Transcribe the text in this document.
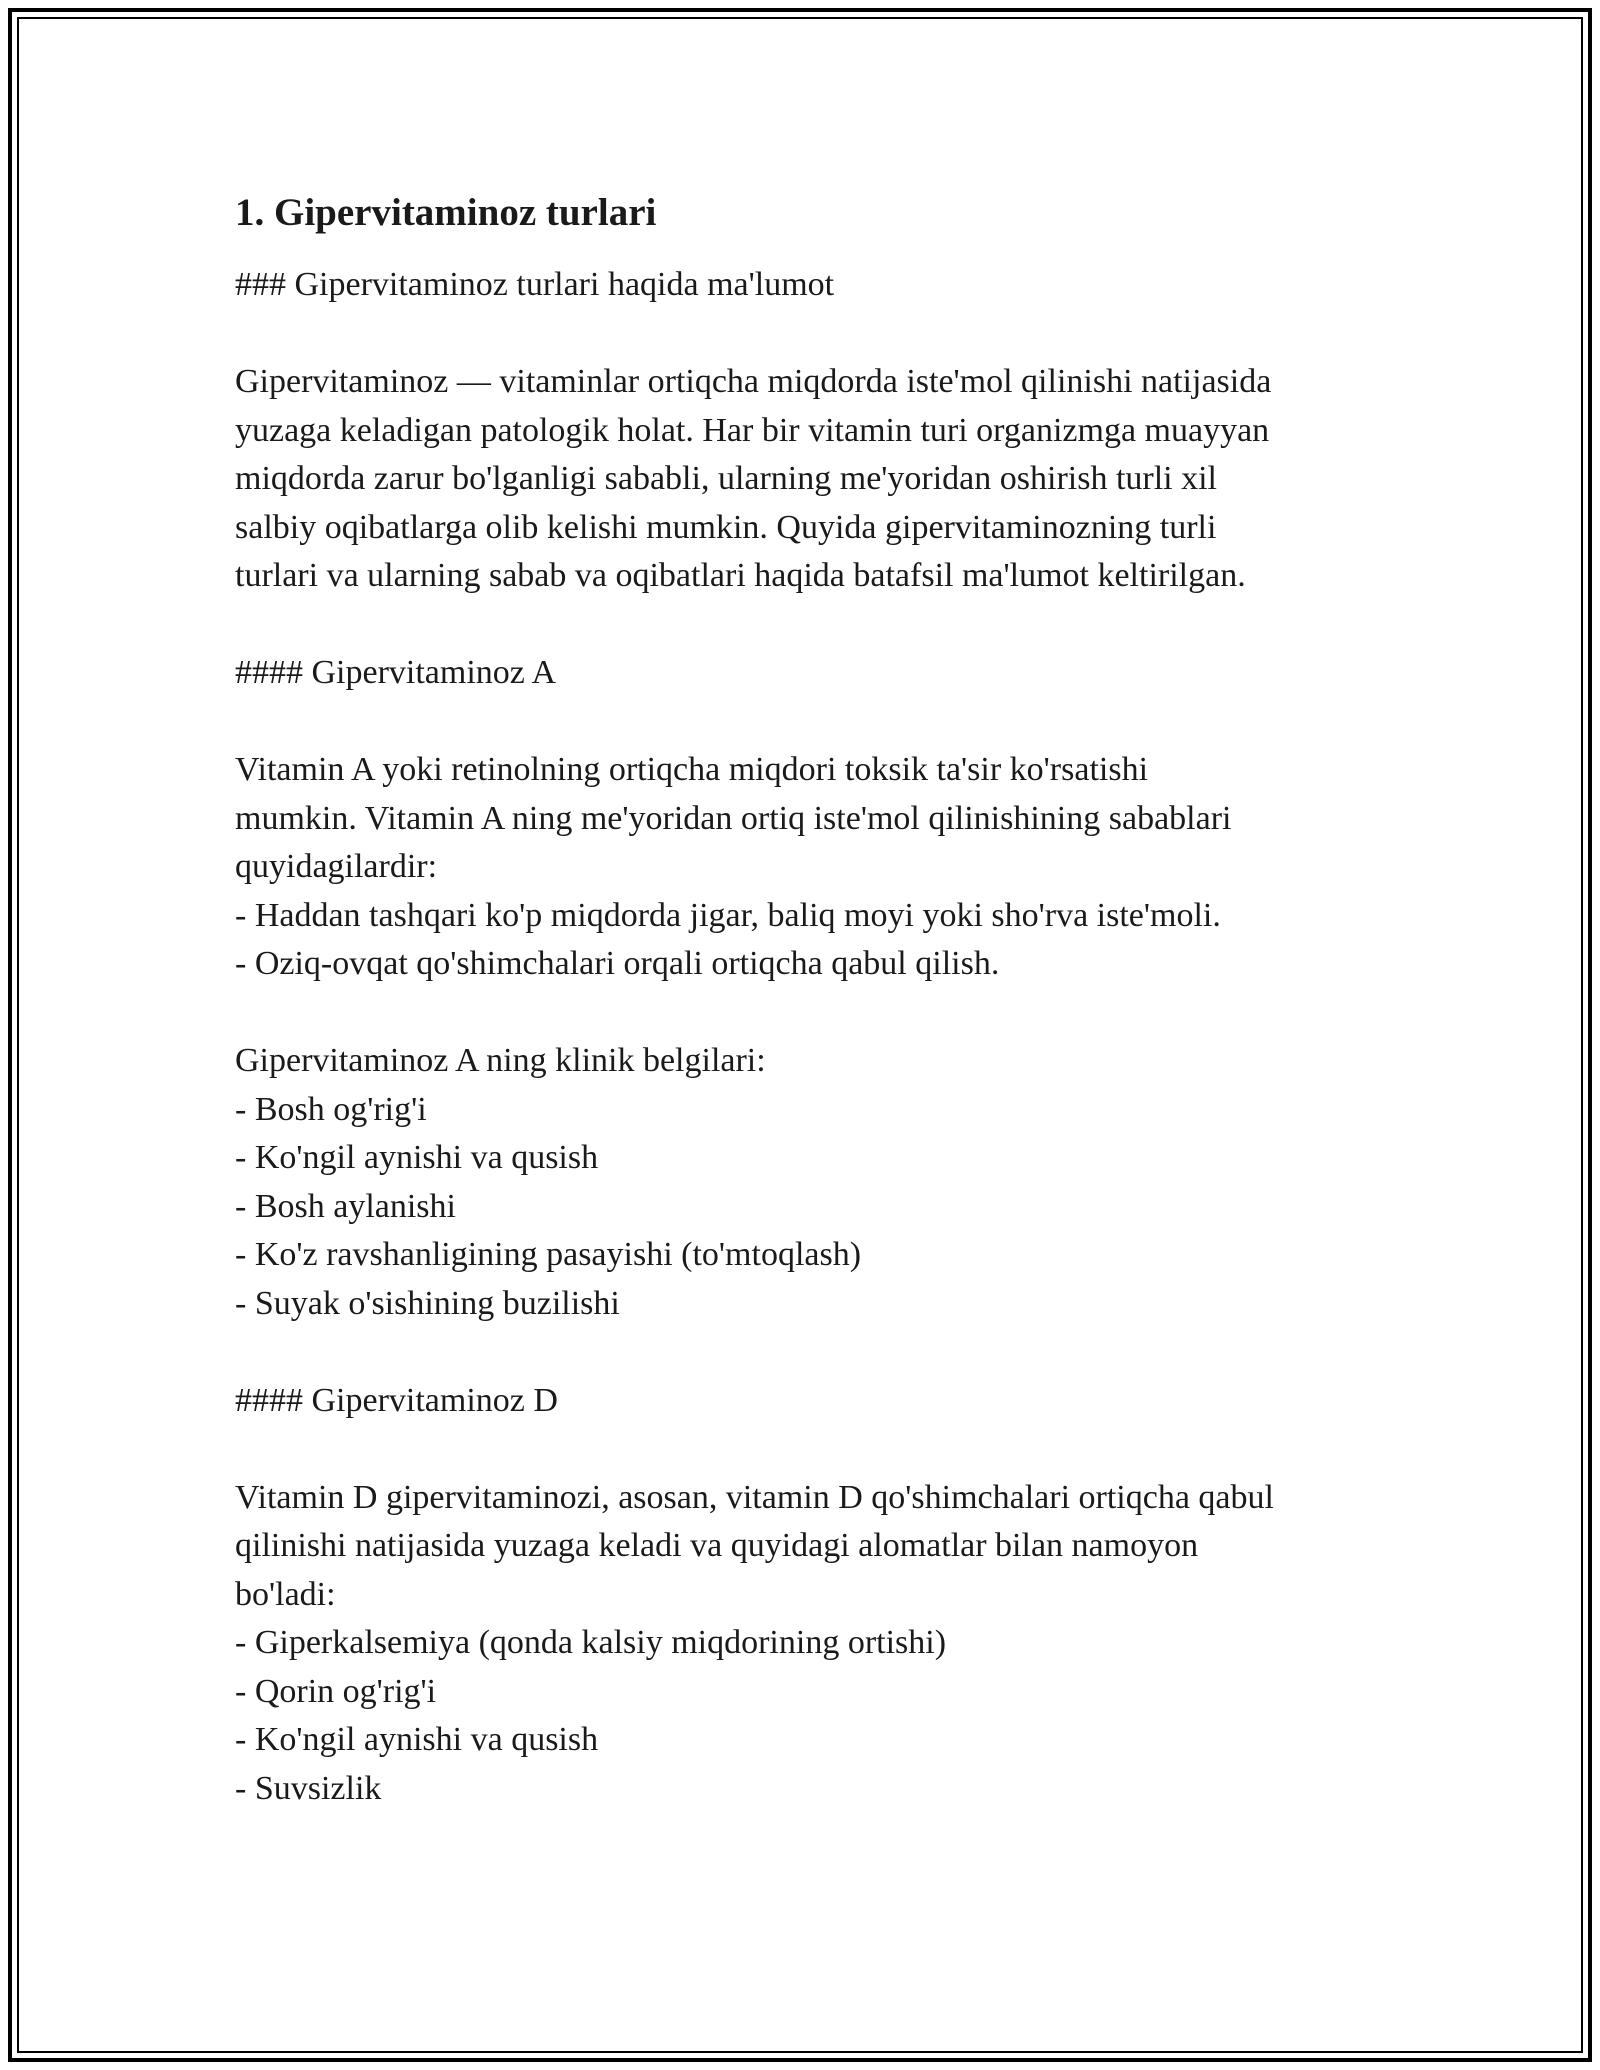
1. Gipervitaminoz turlari
### Gipervitaminoz turlari haqida ma'lumot
Gipervitaminoz — vitaminlar ortiqcha miqdorda iste'mol qilinishi natijasida
yuzaga keladigan patologik holat. Har bir vitamin turi organizmga muayyan
miqdorda zarur bo'lganligi sababli, ularning me'yoridan oshirish turli xil
salbiy oqibatlarga olib kelishi mumkin. Quyida gipervitaminozning turli
turlari va ularning sabab va oqibatlari haqida batafsil ma'lumot keltirilgan.
#### Gipervitaminoz A
Vitamin A yoki retinolning ortiqcha miqdori toksik ta'sir ko'rsatishi
mumkin. Vitamin A ning me'yoridan ortiq iste'mol qilinishining sabablari
quyidagilardir:
- Haddan tashqari ko'p miqdorda jigar, baliq moyi yoki sho'rva iste'moli.
- Oziq-ovqat qo'shimchalari orqali ortiqcha qabul qilish.
Gipervitaminoz A ning klinik belgilari:
- Bosh og'rig'i
- Ko'ngil aynishi va qusish
- Bosh aylanishi
- Ko'z ravshanligining pasayishi (to'mtoqlash)
- Suyak o'sishining buzilishi
#### Gipervitaminoz D
Vitamin D gipervitaminozi, asosan, vitamin D qo'shimchalari ortiqcha qabul
qilinishi natijasida yuzaga keladi va quyidagi alomatlar bilan namoyon
bo'ladi:
- Giperkalsemiya (qonda kalsiy miqdorining ortishi)
- Qorin og'rig'i
- Ko'ngil aynishi va qusish
- Suvsizlik
